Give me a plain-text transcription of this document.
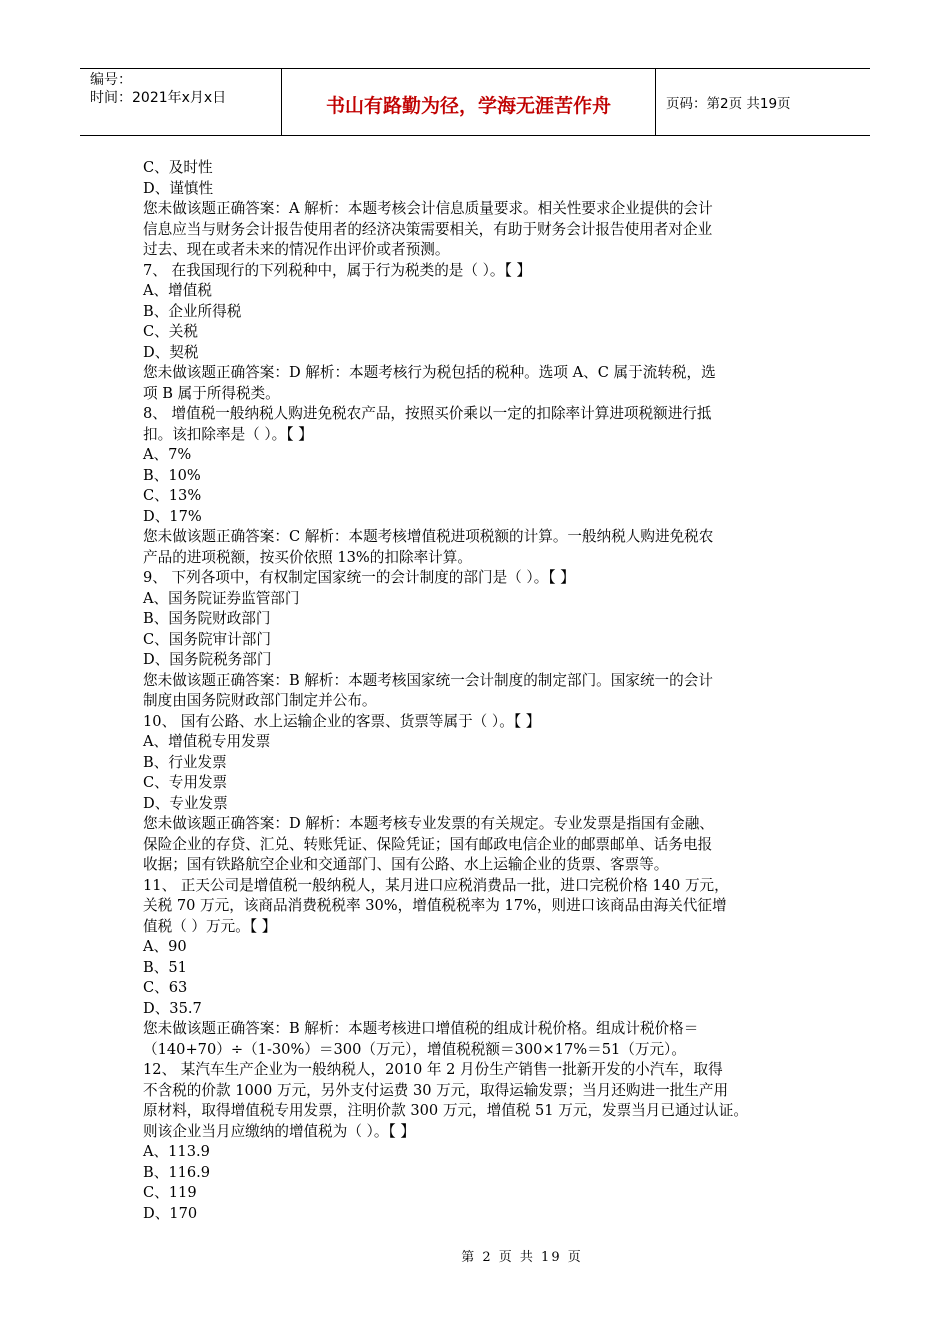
编号：
时间：2021年x月x日	书山有路勤为径，学海无涯苦作舟	页码：第2页 共19页

C、及时性

D、谨慎性

您未做该题正确答案：A 解析：本题考核会计信息质量要求。相关性要求企业提供的会计

信息应当与财务会计报告使用者的经济决策需要相关，有助于财务会计报告使用者对企业

过去、现在或者未来的情况作出评价或者预测。

7、 在我国现行的下列税种中，属于行为税类的是（ ）。【 】

A、增值税

B、企业所得税

C、关税

D、契税

您未做该题正确答案：D 解析：本题考核行为税包括的税种。选项 A、C 属于流转税，选

项 B 属于所得税类。

8、 增值税一般纳税人购进免税农产品，按照买价乘以一定的扣除率计算进项税额进行抵

扣。该扣除率是（ ）。【 】

A、7%

B、10%

C、13%

D、17%

您未做该题正确答案：C 解析：本题考核增值税进项税额的计算。一般纳税人购进免税农

产品的进项税额，按买价依照 13%的扣除率计算。

9、 下列各项中，有权制定国家统一的会计制度的部门是（ ）。【 】

A、国务院证券监管部门

B、国务院财政部门

C、国务院审计部门

D、国务院税务部门

您未做该题正确答案：B 解析：本题考核国家统一会计制度的制定部门。国家统一的会计

制度由国务院财政部门制定并公布。

10、 国有公路、水上运输企业的客票、货票等属于（ ）。【 】

A、增值税专用发票

B、行业发票

C、专用发票

D、专业发票

您未做该题正确答案：D 解析：本题考核专业发票的有关规定。专业发票是指国有金融、

保险企业的存贷、汇兑、转账凭证、保险凭证；国有邮政电信企业的邮票邮单、话务电报

收据；国有铁路航空企业和交通部门、国有公路、水上运输企业的货票、客票等。

11、 正天公司是增值税一般纳税人，某月进口应税消费品一批，进口完税价格 140 万元，

关税 70 万元，该商品消费税税率 30%，增值税税率为 17%，则进口该商品由海关代征增

值税（ ）万元。【 】

A、90

B、51

C、63

D、35.7

您未做该题正确答案：B 解析：本题考核进口增值税的组成计税价格。组成计税价格＝

（140+70）÷（1-30%）＝300（万元），增值税税额＝300×17%＝51（万元）。

12、 某汽车生产企业为一般纳税人，2010 年 2 月份生产销售一批新开发的小汽车，取得

不含税的价款 1000 万元，另外支付运费 30 万元，取得运输发票；当月还购进一批生产用

原材料，取得增值税专用发票，注明价款 300 万元，增值税 51 万元，发票当月已通过认证。

则该企业当月应缴纳的增值税为（ ）。【 】

A、113.9

B、116.9

C、119

D、170

第 2 页 共 19 页
